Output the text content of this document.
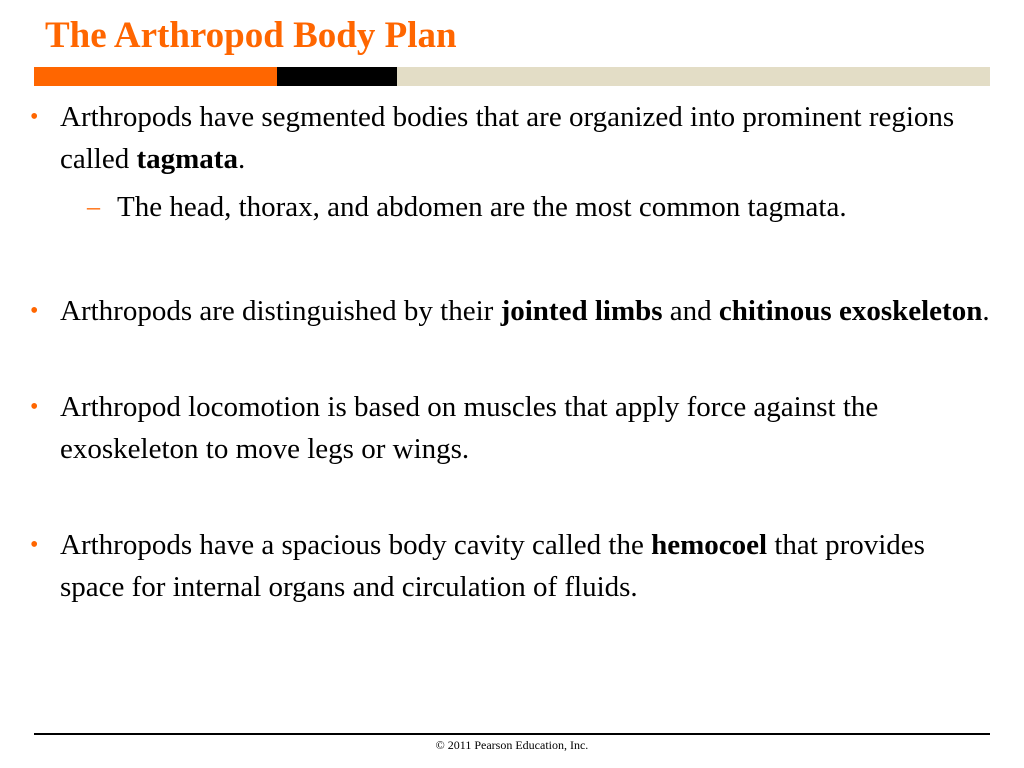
The Arthropod Body Plan
• Arthropods have segmented bodies that are organized into prominent regions called tagmata.
– The head, thorax, and abdomen are the most common tagmata.
• Arthropods are distinguished by their jointed limbs and chitinous exoskeleton.
• Arthropod locomotion is based on muscles that apply force against the exoskeleton to move legs or wings.
• Arthropods have a spacious body cavity called the hemocoel that provides space for internal organs and circulation of fluids.
© 2011 Pearson Education, Inc.
